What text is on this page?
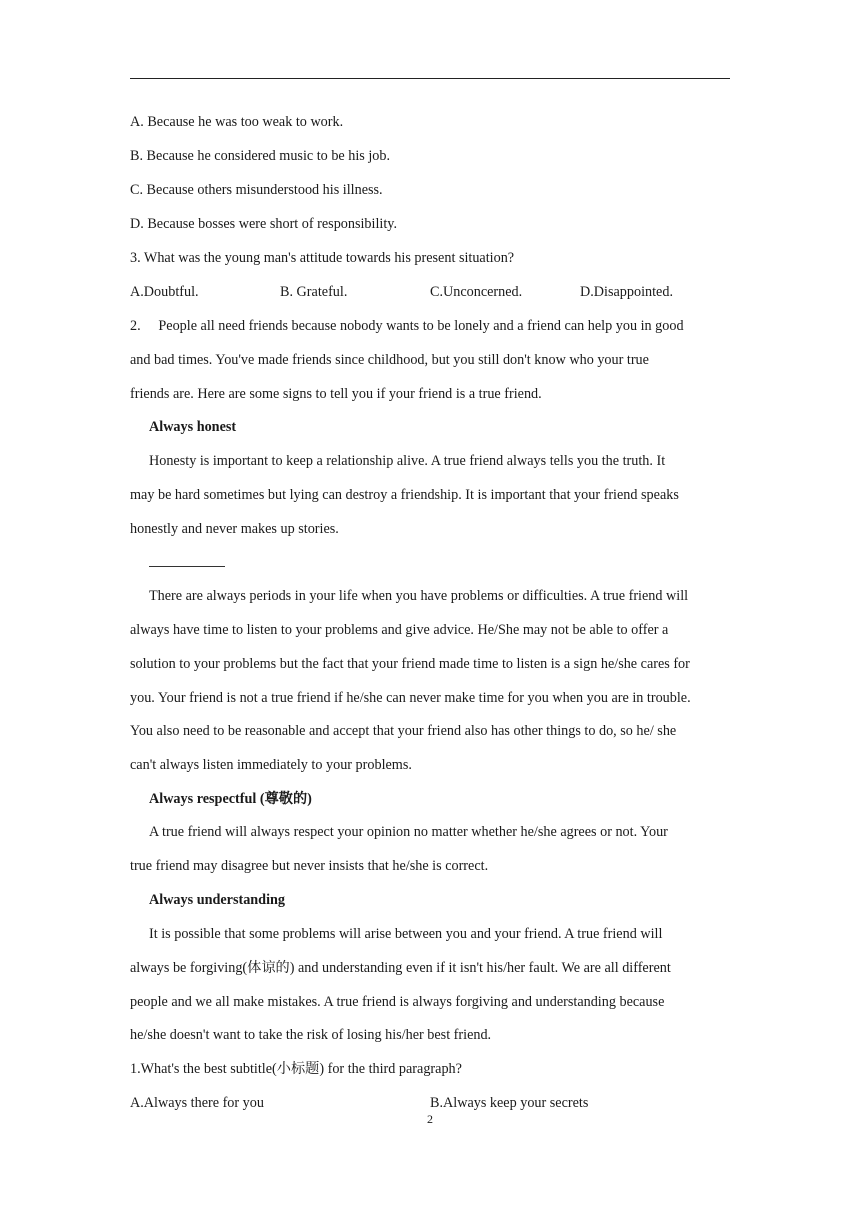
A. Because he was too weak to work.
B. Because he considered music to be his job.
C. Because others misunderstood his illness.
D. Because bosses were short of responsibility.
3. What was the young man's attitude towards his present situation?
A.Doubtful.	B. Grateful.	C.Unconcerned.	D.Disappointed.
2.  People all need friends because nobody wants to be lonely and a friend can help you in good
and bad times. You've made friends since childhood, but you still don't know who your true
friends are. Here are some signs to tell you if your friend is a true friend.
Always honest
Honesty is important to keep a relationship alive. A true friend always tells you the truth. It
may be hard sometimes but lying can destroy a friendship. It is important that your friend speaks
honestly and never makes up stories.
There are always periods in your life when you have problems or difficulties. A true friend will
always have time to listen to your problems and give advice. He/She may not be able to offer a
solution to your problems but the fact that your friend made time to listen is a sign he/she cares for
you. Your friend is not a true friend if he/she can never make time for you when you are in trouble.
You also need to be reasonable and accept that your friend also has other things to do, so he/ she
can't always listen immediately to your problems.
Always respectful (尊敬的)
A true friend will always respect your opinion no matter whether he/she agrees or not. Your
true friend may disagree but never insists that he/she is correct.
Always understanding
It is possible that some problems will arise between you and your friend. A true friend will
always be forgiving(体谅的) and understanding even if it isn't his/her fault. We are all different
people and we all make mistakes. A true friend is always forgiving and understanding because
he/she doesn't want to take the risk of losing his/her best friend.
1.What's the best subtitle(小标题) for the third paragraph?
A.Always there for you	B.Always keep your secrets
2
